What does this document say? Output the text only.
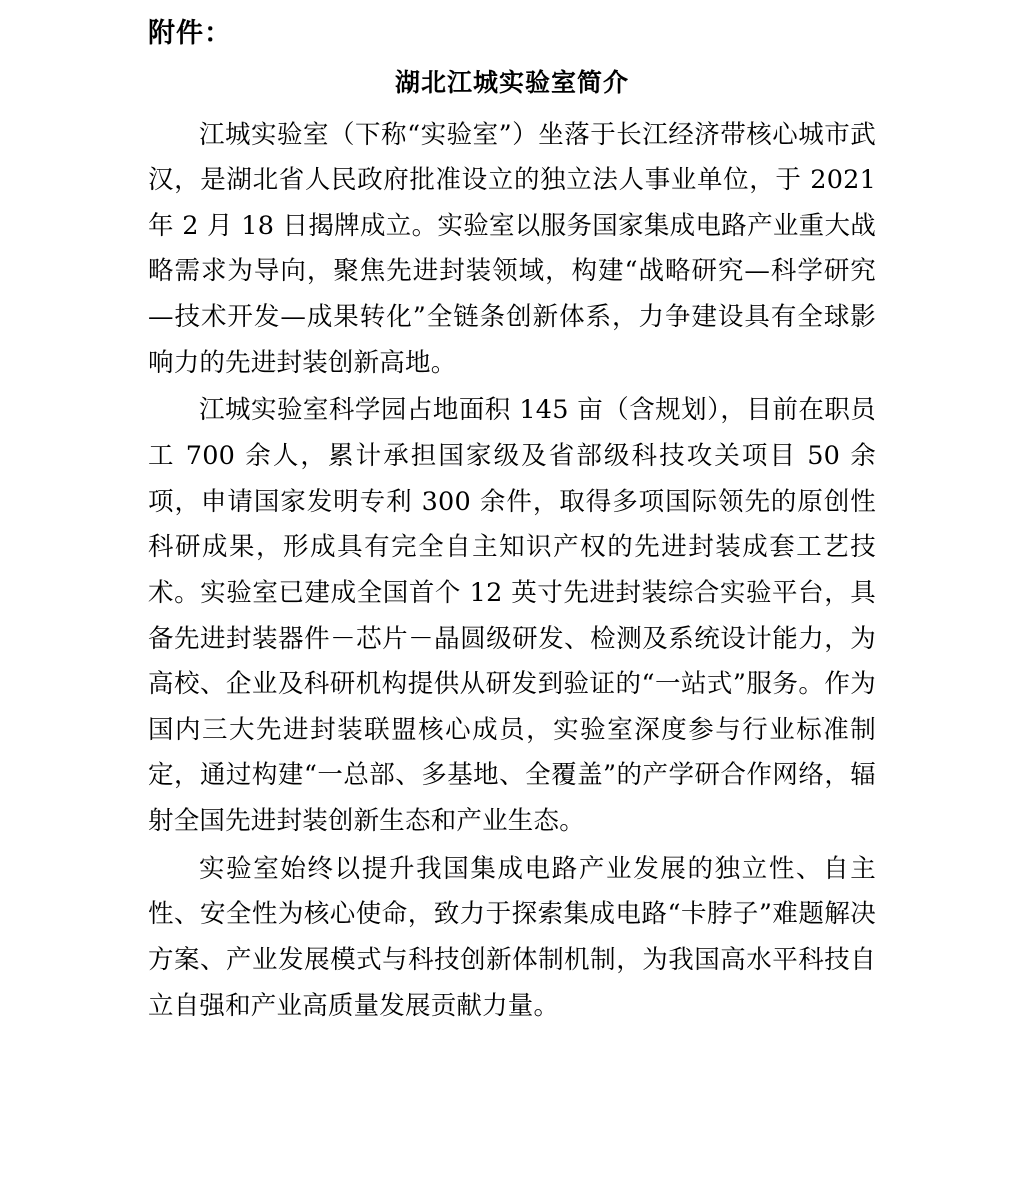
附件：
湖北江城实验室简介

江城实验室（下称“实验室”）坐落于长江经济带核心城市武汉，是湖北省人民政府批准设立的独立法人事业单位，于 2021 年 2 月 18 日揭牌成立。实验室以服务国家集成电路产业重大战略需求为导向，聚焦先进封装领域，构建“战略研究—科学研究—技术开发—成果转化”全链条创新体系，力争建设具有全球影响力的先进封装创新高地。

江城实验室科学园占地面积 145 亩（含规划），目前在职员工 700 余人，累计承担国家级及省部级科技攻关项目 50 余项，申请国家发明专利 300 余件，取得多项国际领先的原创性科研成果，形成具有完全自主知识产权的先进封装成套工艺技术。实验室已建成全国首个 12 英寸先进封装综合实验平台，具备先进封装器件－芯片－晶圆级研发、检测及系统设计能力，为高校、企业及科研机构提供从研发到验证的“一站式”服务。作为国内三大先进封装联盟核心成员，实验室深度参与行业标准制定，通过构建“一总部、多基地、全覆盖”的产学研合作网络，辐射全国先进封装创新生态和产业生态。

实验室始终以提升我国集成电路产业发展的独立性、自主性、安全性为核心使命，致力于探索集成电路“卡脖子”难题解决方案、产业发展模式与科技创新体制机制，为我国高水平科技自立自强和产业高质量发展贡献力量。
